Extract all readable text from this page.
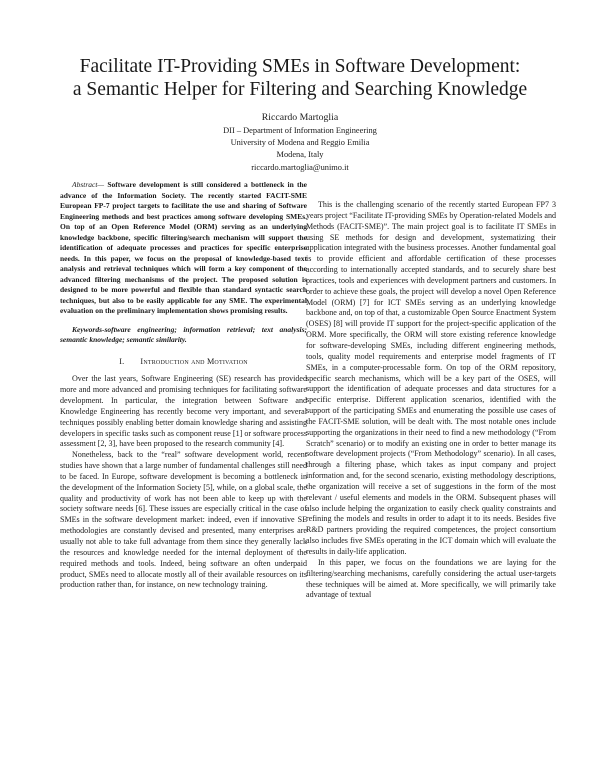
Facilitate IT-Providing SMEs in Software Development:
a Semantic Helper for Filtering and Searching Knowledge
Riccardo Martoglia
DII – Department of Information Engineering
University of Modena and Reggio Emilia
Modena, Italy
riccardo.martoglia@unimo.it

Abstract— Software development is still considered a bottleneck in the advance of the Information Society. The recently started FACIT-SME European FP-7 project targets to facilitate the use and sharing of Software Engineering methods and best practices among software developing SMEs. On top of an Open Reference Model (ORM) serving as an underlying knowledge backbone, specific filtering/search mechanism will support the identification of adequate processes and practices for specific enterprise needs. In this paper, we focus on the proposal of knowledge-based text analysis and retrieval techniques which will form a key component of the advanced filtering mechanisms of the project. The proposed solution is designed to be more powerful and flexible than standard syntactic search techniques, but also to be easily applicable for any SME. The experimental evaluation on the preliminary implementation shows promising results.

Keywords-software engineering; information retrieval; text analysis; semantic knowledge; semantic similarity.

I. Introduction and Motivation

Over the last years, Software Engineering (SE) research has provided more and more advanced and promising techniques for facilitating software development. In particular, the integration between Software and Knowledge Engineering has recently become very important, and several techniques possibly enabling better domain knowledge sharing and assisting developers in specific tasks such as component reuse [1] or software process assessment [2, 3], have been proposed to the research community [4].

Nonetheless, back to the “real” software development world, recent studies have shown that a large number of fundamental challenges still need to be faced. In Europe, software development is becoming a bottleneck in the development of the Information Society [5], while, on a global scale, the quality and productivity of work has not been able to keep up with the society software needs [6]. These issues are especially critical in the case of SMEs in the software development market: indeed, even if innovative SE methodologies are constantly devised and presented, many enterprises are usually not able to take full advantage from them since they generally lack the resources and knowledge needed for the internal deployment of the required methods and tools. Indeed, being software an often underpaid product, SMEs need to allocate mostly all of their available resources on its production rather than, for instance, on new technology training.

This is the challenging scenario of the recently started European FP7 3 years project “Facilitate IT-providing SMEs by Operation-related Models and Methods (FACIT-SME)”. The main project goal is to facilitate IT SMEs in using SE methods for design and development, systematizing their application integrated with the business processes. Another fundamental goal is to provide efficient and affordable certification of these processes according to internationally accepted standards, and to securely share best practices, tools and experiences with development partners and customers. In order to achieve these goals, the project will develop a novel Open Reference Model (ORM) [7] for ICT SMEs serving as an underlying knowledge backbone and, on top of that, a customizable Open Source Enactment System (OSES) [8] will provide IT support for the project-specific application of the ORM. More specifically, the ORM will store existing reference knowledge for software-developing SMEs, including different engineering methods, tools, quality model requirements and enterprise model fragments of IT SMEs, in a computer-processable form. On top of the ORM repository, specific search mechanisms, which will be a key part of the OSES, will support the identification of adequate processes and data structures for a specific enterprise. Different application scenarios, identified with the support of the participating SMEs and enumerating the possible use cases of the FACIT-SME solution, will be dealt with. The most notable ones include supporting the organizations in their need to find a new methodology (“From Scratch” scenario) or to modify an existing one in order to better manage its software development projects (“From Methodology” scenario). In all cases, through a filtering phase, which takes as input company and project information and, for the second scenario, existing methodology descriptions, the organization will receive a set of suggestions in the form of the most relevant / useful elements and models in the ORM. Subsequent phases will also include helping the organization to easily check quality constraints and refining the models and results in order to adapt it to its needs. Besides five R&D partners providing the required competences, the project consortium also includes five SMEs operating in the ICT domain which will evaluate the results in daily-life application.

In this paper, we focus on the foundations we are laying for the filtering/searching mechanisms, carefully considering the actual user-targets these techniques will be aimed at. More specifically, we will primarily take advantage of textual
